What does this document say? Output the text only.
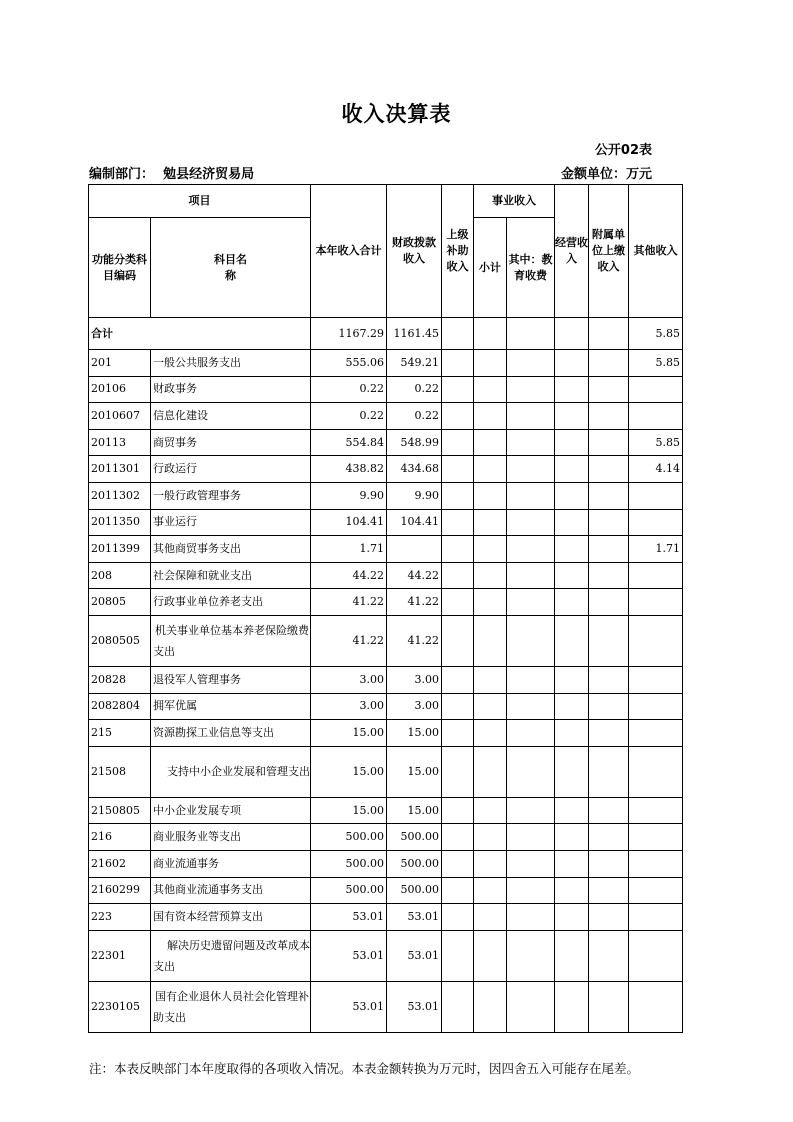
收入决算表
公开02表
编制部门： 勉县经济贸易局	金额单位：万元
项目		本年收入合计	财政拨款收入	上级补助收入	事业收入		经营收入	附属单位上缴收入	其他收入
功能分类科目编码	科目名称				小计	其中：教育收费			
合计		1167.29	1161.45						5.85
201	一般公共服务支出	555.06	549.21						5.85
20106	财政事务	0.22	0.22						
2010607	信息化建设	0.22	0.22						
20113	商贸事务	554.84	548.99						5.85
2011301	行政运行	438.82	434.68						4.14
2011302	一般行政管理事务	9.90	9.90						
2011350	事业运行	104.41	104.41						
2011399	其他商贸事务支出	1.71							1.71
208	社会保障和就业支出	44.22	44.22						
20805	行政事业单位养老支出	41.22	41.22						
2080505	机关事业单位基本养老保险缴费支出	41.22	41.22						
20828	退役军人管理事务	3.00	3.00						
2082804	拥军优属	3.00	3.00						
215	资源勘探工业信息等支出	15.00	15.00						
21508	支持中小企业发展和管理支出	15.00	15.00						
2150805	中小企业发展专项	15.00	15.00						
216	商业服务业等支出	500.00	500.00						
21602	商业流通事务	500.00	500.00						
2160299	其他商业流通事务支出	500.00	500.00						
223	国有资本经营预算支出	53.01	53.01						
22301	解决历史遗留问题及改革成本支出	53.01	53.01						
2230105	国有企业退休人员社会化管理补助支出	53.01	53.01						
注：本表反映部门本年度取得的各项收入情况。本表金额转换为万元时，因四舍五入可能存在尾差。
